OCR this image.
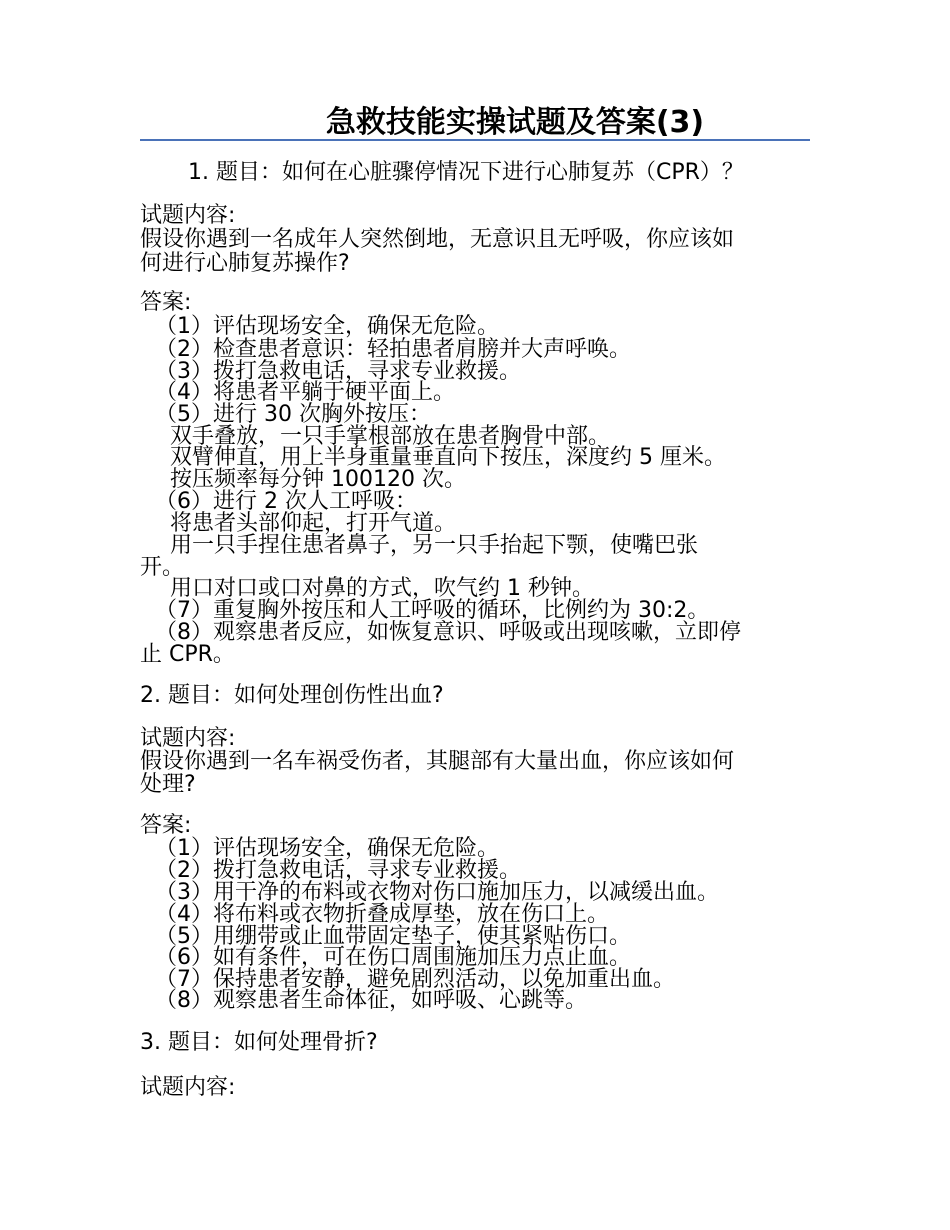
急救技能实操试题及答案(3)
1. 题目：如何在心脏骤停情况下进行心肺复苏（CPR）？
试题内容:
假设你遇到一名成年人突然倒地，无意识且无呼吸，你应该如
何进行心肺复苏操作?
答案:
（1）评估现场安全，确保无危险。
（2）检查患者意识：轻拍患者肩膀并大声呼唤。
（3）拨打急救电话，寻求专业救援。
（4）将患者平躺于硬平面上。
（5）进行 30 次胸外按压：
双手叠放，一只手掌根部放在患者胸骨中部。
双臂伸直，用上半身重量垂直向下按压，深度约 5 厘米。
按压频率每分钟 100120 次。
（6）进行 2 次人工呼吸：
将患者头部仰起，打开气道。
用一只手捏住患者鼻子，另一只手抬起下颚，使嘴巴张
开。
用口对口或口对鼻的方式，吹气约 1 秒钟。
（7）重复胸外按压和人工呼吸的循环，比例约为 30:2。
（8）观察患者反应，如恢复意识、呼吸或出现咳嗽，立即停
止 CPR。
2. 题目：如何处理创伤性出血?
试题内容:
假设你遇到一名车祸受伤者，其腿部有大量出血，你应该如何
处理?
答案:
（1）评估现场安全，确保无危险。
（2）拨打急救电话，寻求专业救援。
（3）用干净的布料或衣物对伤口施加压力，以减缓出血。
（4）将布料或衣物折叠成厚垫，放在伤口上。
（5）用绷带或止血带固定垫子，使其紧贴伤口。
（6）如有条件，可在伤口周围施加压力点止血。
（7）保持患者安静，避免剧烈活动，以免加重出血。
（8）观察患者生命体征，如呼吸、心跳等。
3. 题目：如何处理骨折?
试题内容:
